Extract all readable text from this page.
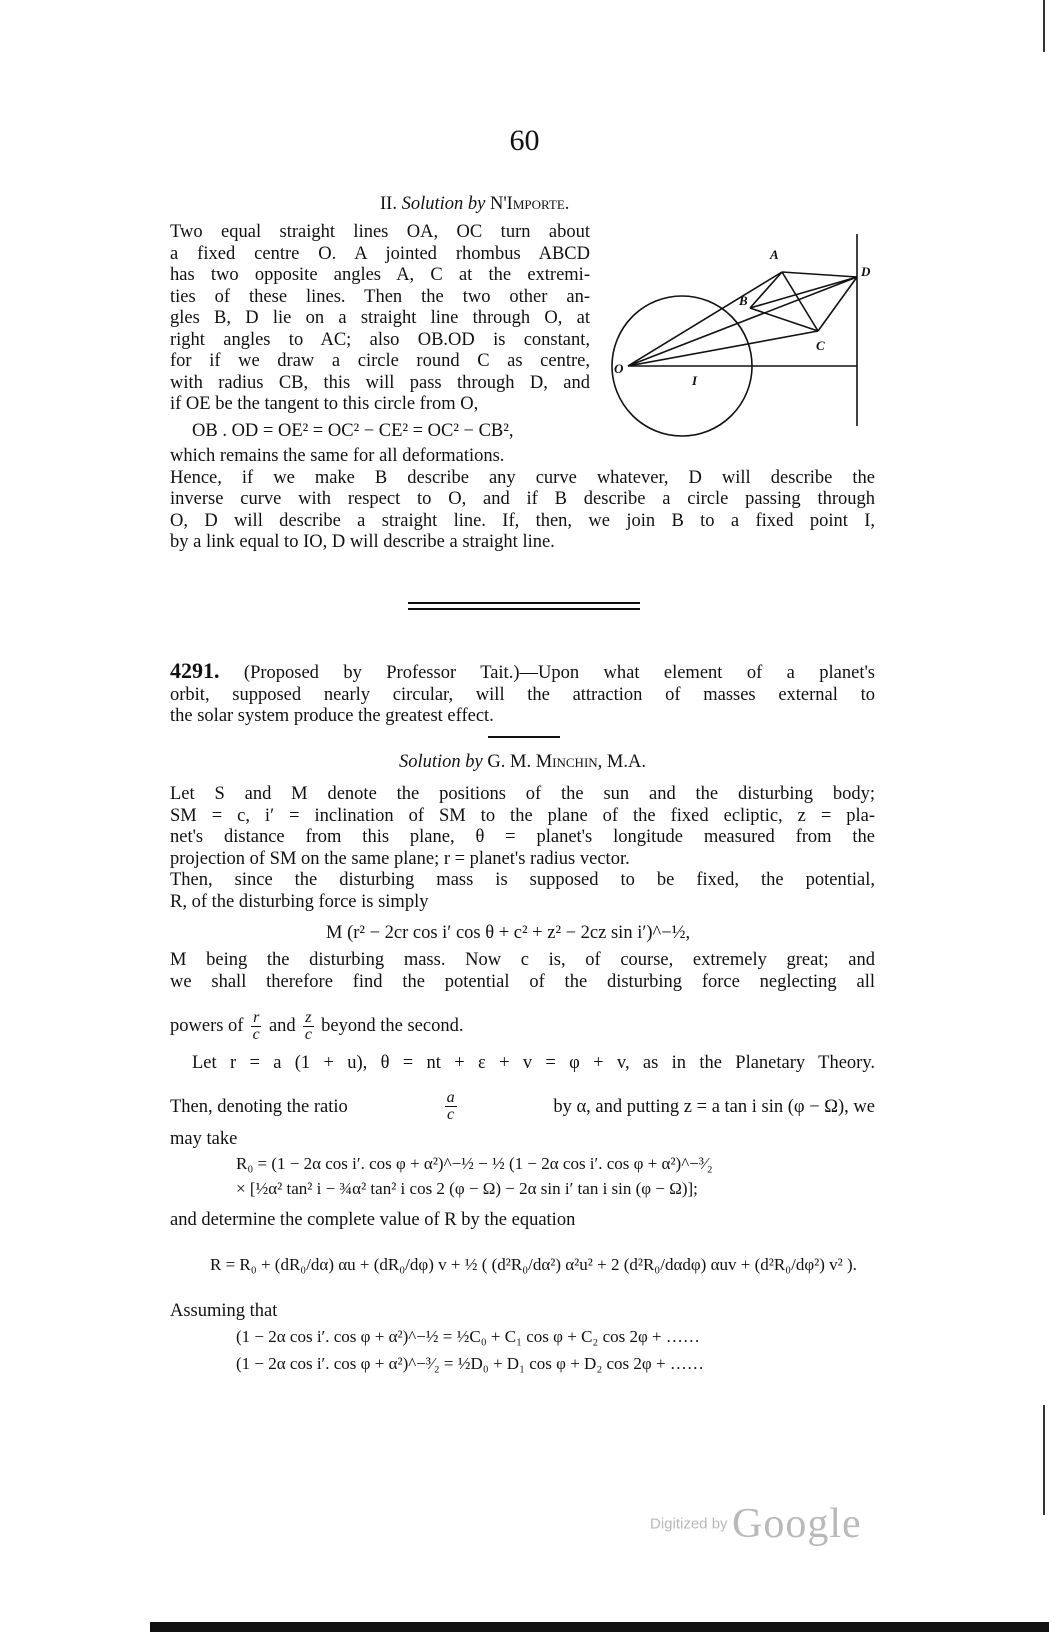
60
II. Solution by N'Importe.
Two equal straight lines OA, OC turn about
a fixed centre O. A jointed rhombus ABCD
has two opposite angles A, C at the extremi-
ties of these lines. Then the two other an-
gles B, D lie on a straight line through O, at
right angles to AC; also OB.OD is constant,
for if we draw a circle round C as centre,
with radius CB, this will pass through D, and
if OE be the tangent to this circle from O,
OB . OD = OE² = OC² − CE² = OC² − CB²,
which remains the same for all deformations.
Hence, if we make B describe any curve whatever, D will describe the
inverse curve with respect to O, and if B describe a circle passing through
O, D will describe a straight line. If, then, we join B to a fixed point I,
by a link equal to IO, D will describe a straight line.
A
B
C
D
O
I
4291. (Proposed by Professor Tait.)—Upon what element of a planet's
orbit, supposed nearly circular, will the attraction of masses external to
the solar system produce the greatest effect.
Solution by G. M. Minchin, M.A.
Let S and M denote the positions of the sun and the disturbing body;
SM = c, i′ = inclination of SM to the plane of the fixed ecliptic, z = pla-
net's distance from this plane, θ = planet's longitude measured from the
projection of SM on the same plane; r = planet's radius vector.
Then, since the disturbing mass is supposed to be fixed, the potential,
R, of the disturbing force is simply
M (r² − 2cr cos i′ cos θ + c² + z² − 2cz sin i′)^−½,
M being the disturbing mass. Now c is, of course, extremely great; and
we shall therefore find the potential of the disturbing force neglecting all
powers of $\frac{r}{c}$ and $\frac{z}{c}$ beyond the second.
Let r = a (1 + u), θ = nt + ε + v = φ + v, as in the Planetary Theory.
Then, denoting the ratio	$\frac{a}{c}$	by α, and putting z = a tan i sin (φ − Ω), we
may take
R₀ = (1 − 2α cos i′. cos φ + α²)^−½ − ½ (1 − 2α cos i′. cos φ + α²)^−³⁄₂
× [½α² tan² i − ¾α² tan² i cos 2 (φ − Ω) − 2α sin i′ tan i sin (φ − Ω)];
and determine the complete value of R by the equation
R = R₀ + (dR₀/dα) αu + (dR₀/dφ) v + ½ ( (d²R₀/dα²) α²u² + 2 (d²R₀/dαdφ) αuv + (d²R₀/dφ²) v² ).
Assuming that
(1 − 2α cos i′. cos φ + α²)^−½ = ½C₀ + C₁ cos φ + C₂ cos 2φ + ……
(1 − 2α cos i′. cos φ + α²)^−³⁄₂ = ½D₀ + D₁ cos φ + D₂ cos 2φ + ……
Digitized by Google
